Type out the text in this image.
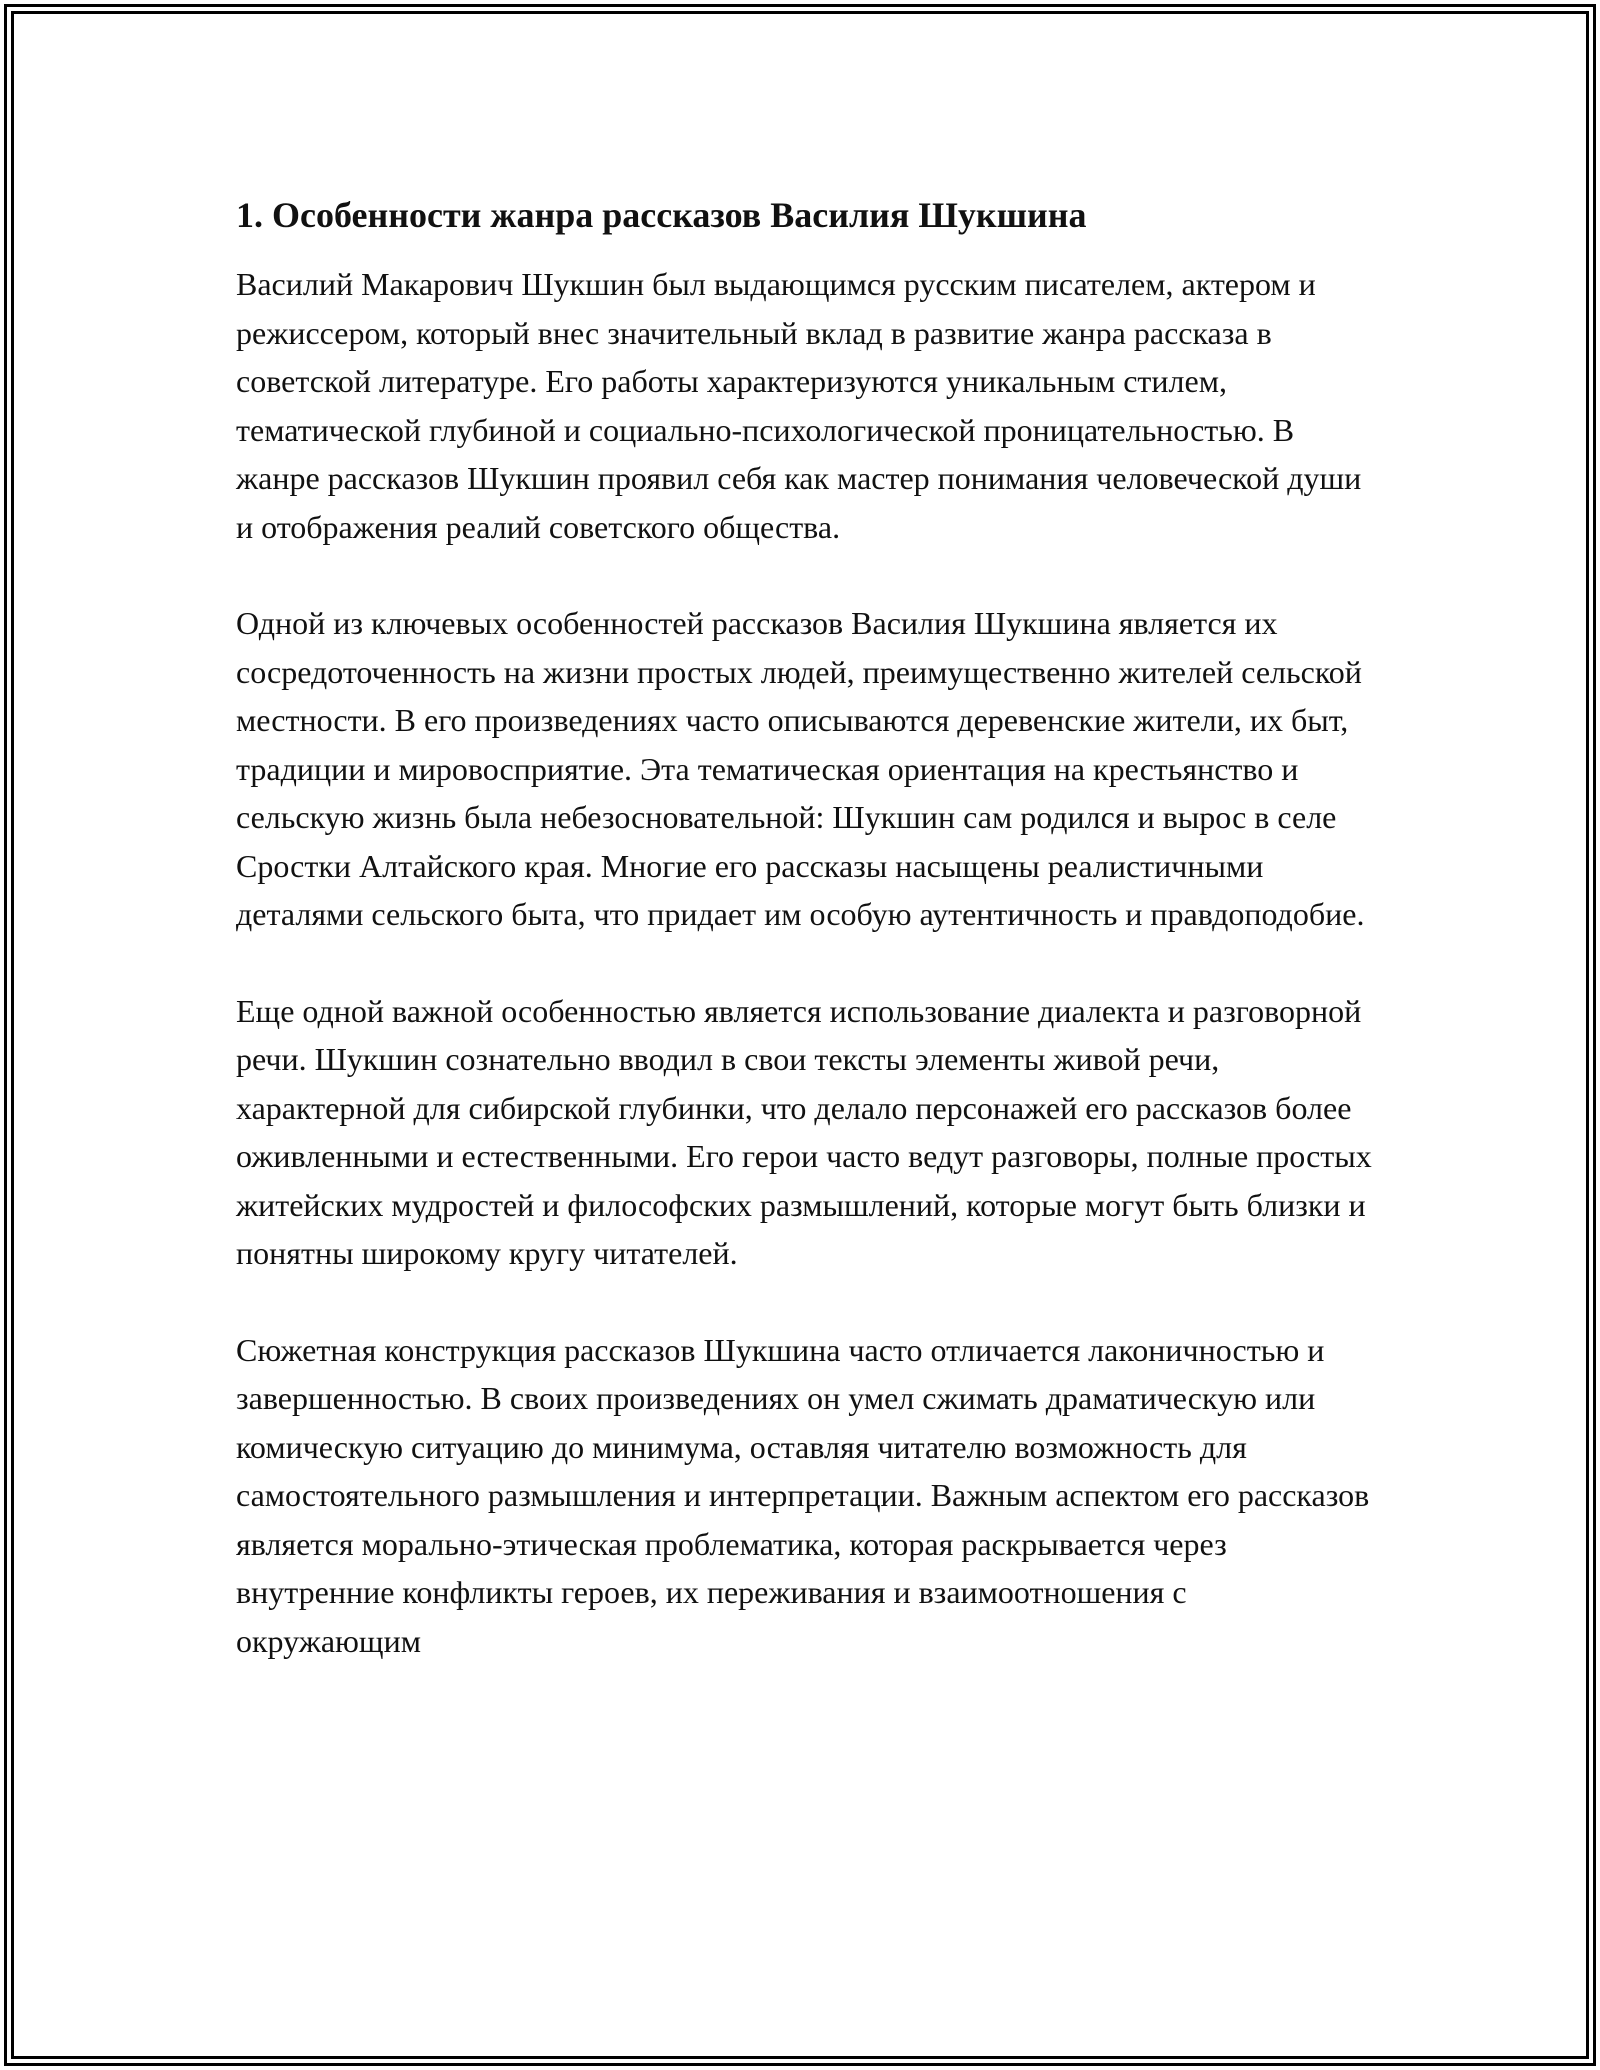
1. Особенности жанра рассказов Василия Шукшина

Василий Макарович Шукшин был выдающимся русским писателем, актером и режиссером, который внес значительный вклад в развитие жанра рассказа в советской литературе. Его работы характеризуются уникальным стилем, тематической глубиной и социально-психологической проницательностью. В жанре рассказов Шукшин проявил себя как мастер понимания человеческой души и отображения реалий советского общества.

Одной из ключевых особенностей рассказов Василия Шукшина является их сосредоточенность на жизни простых людей, преимущественно жителей сельской местности. В его произведениях часто описываются деревенские жители, их быт, традиции и мировосприятие. Эта тематическая ориентация на крестьянство и сельскую жизнь была небезосновательной: Шукшин сам родился и вырос в селе Сростки Алтайского края. Многие его рассказы насыщены реалистичными деталями сельского быта, что придает им особую аутентичность и правдоподобие.

Еще одной важной особенностью является использование диалекта и разговорной речи. Шукшин сознательно вводил в свои тексты элементы живой речи, характерной для сибирской глубинки, что делало персонажей его рассказов более оживленными и естественными. Его герои часто ведут разговоры, полные простых житейских мудростей и философских размышлений, которые могут быть близки и понятны широкому кругу читателей.

Сюжетная конструкция рассказов Шукшина часто отличается лаконичностью и завершенностью. В своих произведениях он умел сжимать драматическую или комическую ситуацию до минимума, оставляя читателю возможность для самостоятельного размышления и интерпретации. Важным аспектом его рассказов является морально-этическая проблематика, которая раскрывается через внутренние конфликты героев, их переживания и взаимоотношения с окружающим
